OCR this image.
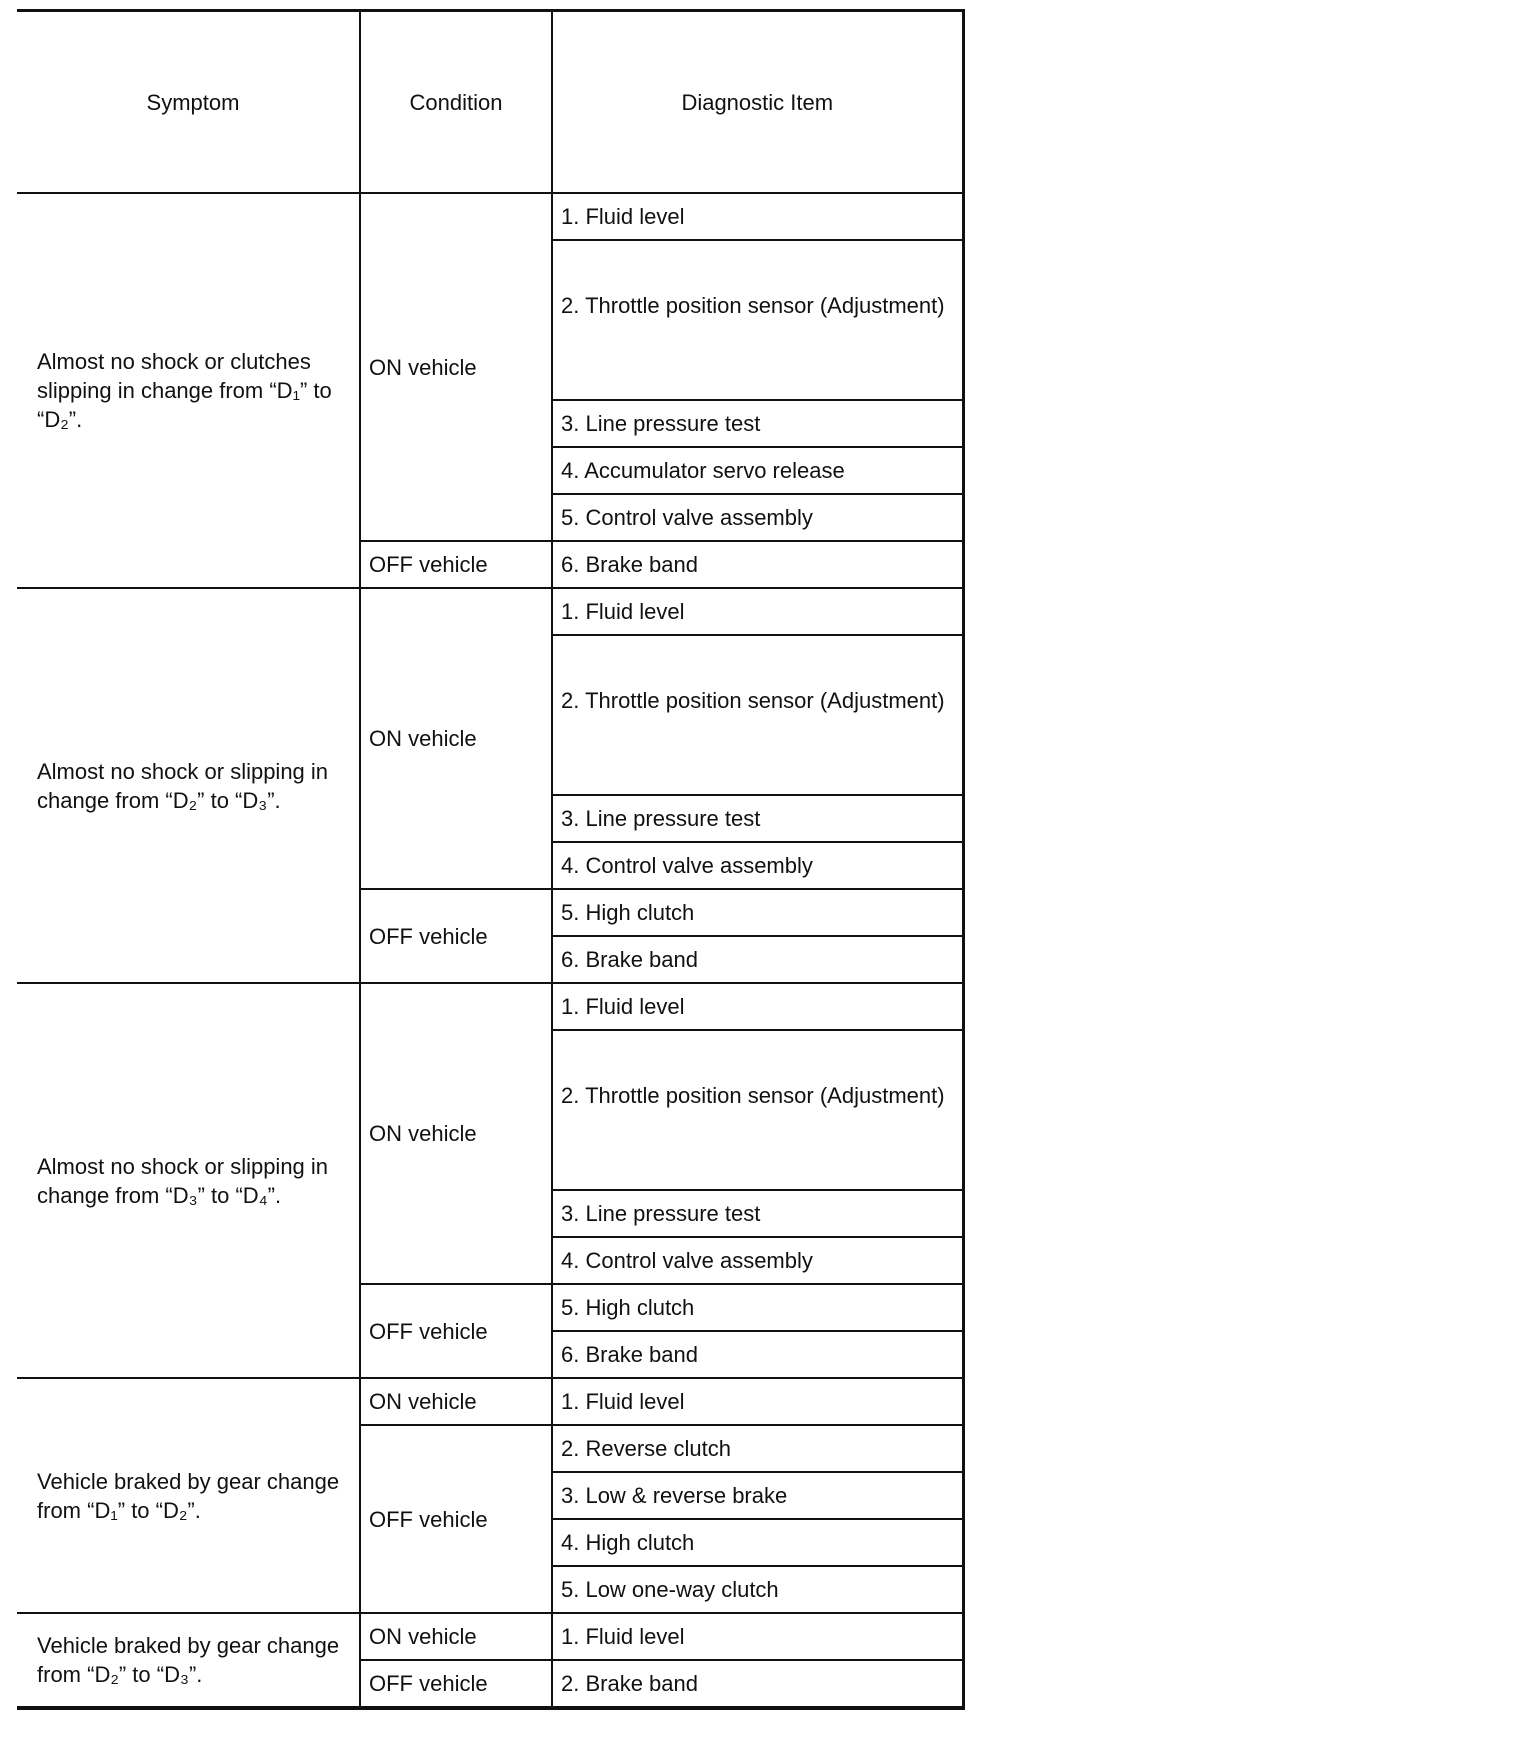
Symptom	Condition	Diagnostic Item
Almost no shock or clutches slipping in change from “D₁” to “D₂”.	ON vehicle	1. Fluid level
		2. Throttle position sensor (Adjustment)
		3. Line pressure test
		4. Accumulator servo release
		5. Control valve assembly
	OFF vehicle	6. Brake band
Almost no shock or slipping in change from “D₂” to “D₃”.	ON vehicle	1. Fluid level
		2. Throttle position sensor (Adjustment)
		3. Line pressure test
		4. Control valve assembly
	OFF vehicle	5. High clutch
		6. Brake band
Almost no shock or slipping in change from “D₃” to “D₄”.	ON vehicle	1. Fluid level
		2. Throttle position sensor (Adjustment)
		3. Line pressure test
		4. Control valve assembly
	OFF vehicle	5. High clutch
		6. Brake band
Vehicle braked by gear change from “D₁” to “D₂”.	ON vehicle	1. Fluid level
	OFF vehicle	2. Reverse clutch
		3. Low & reverse brake
		4. High clutch
		5. Low one-way clutch
Vehicle braked by gear change from “D₂” to “D₃”.	ON vehicle	1. Fluid level
	OFF vehicle	2. Brake band
